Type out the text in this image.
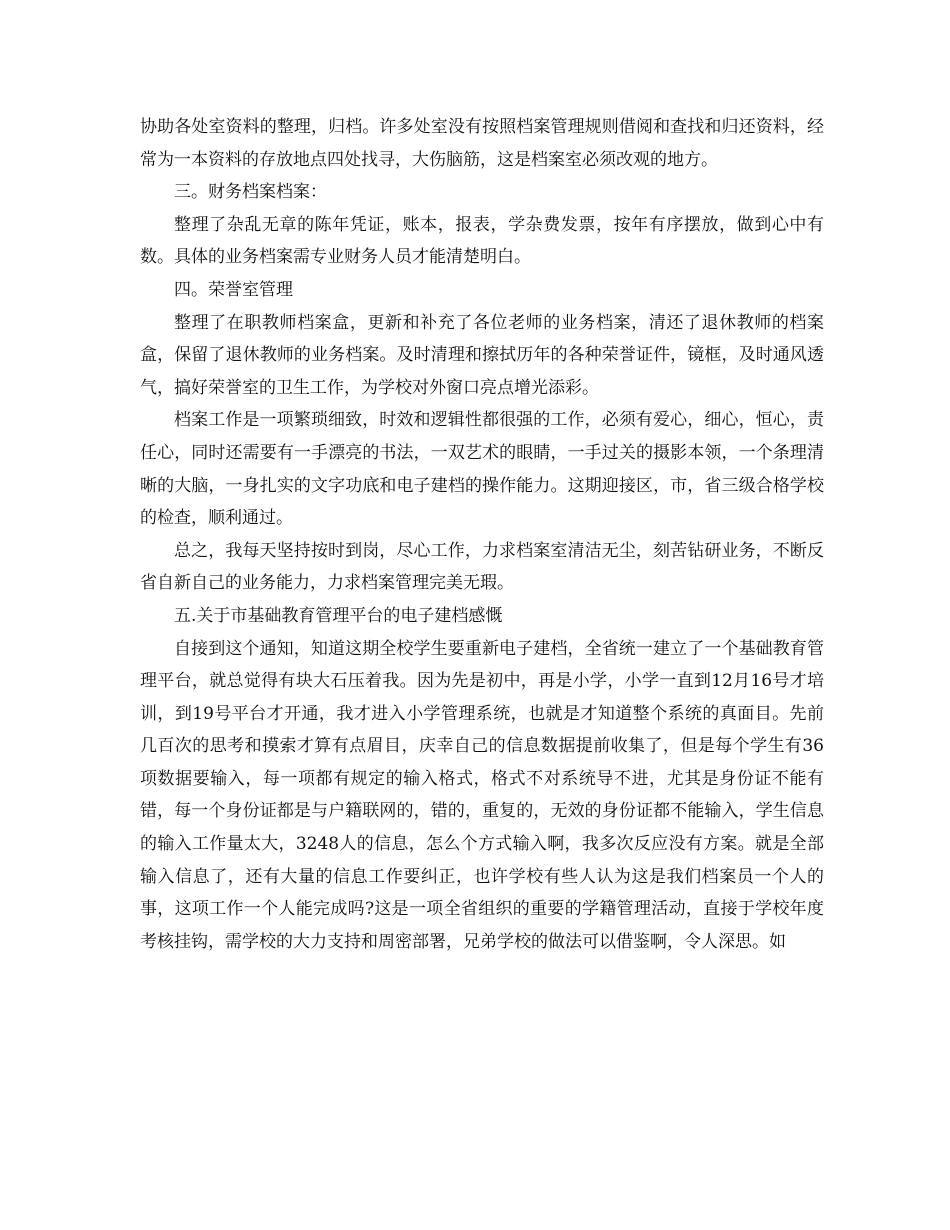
协助各处室资料的整理，归档。许多处室没有按照档案管理规则借阅和查找和归还资料，经常为一本资料的存放地点四处找寻，大伤脑筋，这是档案室必须改观的地方。

三。财务档案档案：

整理了杂乱无章的陈年凭证，账本，报表，学杂费发票，按年有序摆放，做到心中有数。具体的业务档案需专业财务人员才能清楚明白。

四。荣誉室管理

整理了在职教师档案盒，更新和补充了各位老师的业务档案，清还了退休教师的档案盒，保留了退休教师的业务档案。及时清理和擦拭历年的各种荣誉证件，镜框，及时通风透气，搞好荣誉室的卫生工作，为学校对外窗口亮点增光添彩。

档案工作是一项繁琐细致，时效和逻辑性都很强的工作，必须有爱心，细心，恒心，责任心，同时还需要有一手漂亮的书法，一双艺术的眼睛，一手过关的摄影本领，一个条理清晰的大脑，一身扎实的文字功底和电子建档的操作能力。这期迎接区，市，省三级合格学校的检查，顺利通过。

总之，我每天坚持按时到岗，尽心工作，力求档案室清洁无尘，刻苦钻研业务，不断反省自新自己的业务能力，力求档案管理完美无瑕。

五.关于市基础教育管理平台的电子建档感慨

自接到这个通知，知道这期全校学生要重新电子建档，全省统一建立了一个基础教育管理平台，就总觉得有块大石压着我。因为先是初中，再是小学，小学一直到12月16号才培训，到19号平台才开通，我才进入小学管理系统，也就是才知道整个系统的真面目。先前几百次的思考和摸索才算有点眉目，庆幸自己的信息数据提前收集了，但是每个学生有36项数据要输入，每一项都有规定的输入格式，格式不对系统导不进，尤其是身份证不能有错，每一个身份证都是与户籍联网的，错的，重复的，无效的身份证都不能输入，学生信息的输入工作量太大，3248人的信息，怎么个方式输入啊，我多次反应没有方案。就是全部输入信息了，还有大量的信息工作要纠正，也许学校有些人认为这是我们档案员一个人的事，这项工作一个人能完成吗?这是一项全省组织的重要的学籍管理活动，直接于学校年度考核挂钩，需学校的大力支持和周密部署，兄弟学校的做法可以借鉴啊，令人深思。如
